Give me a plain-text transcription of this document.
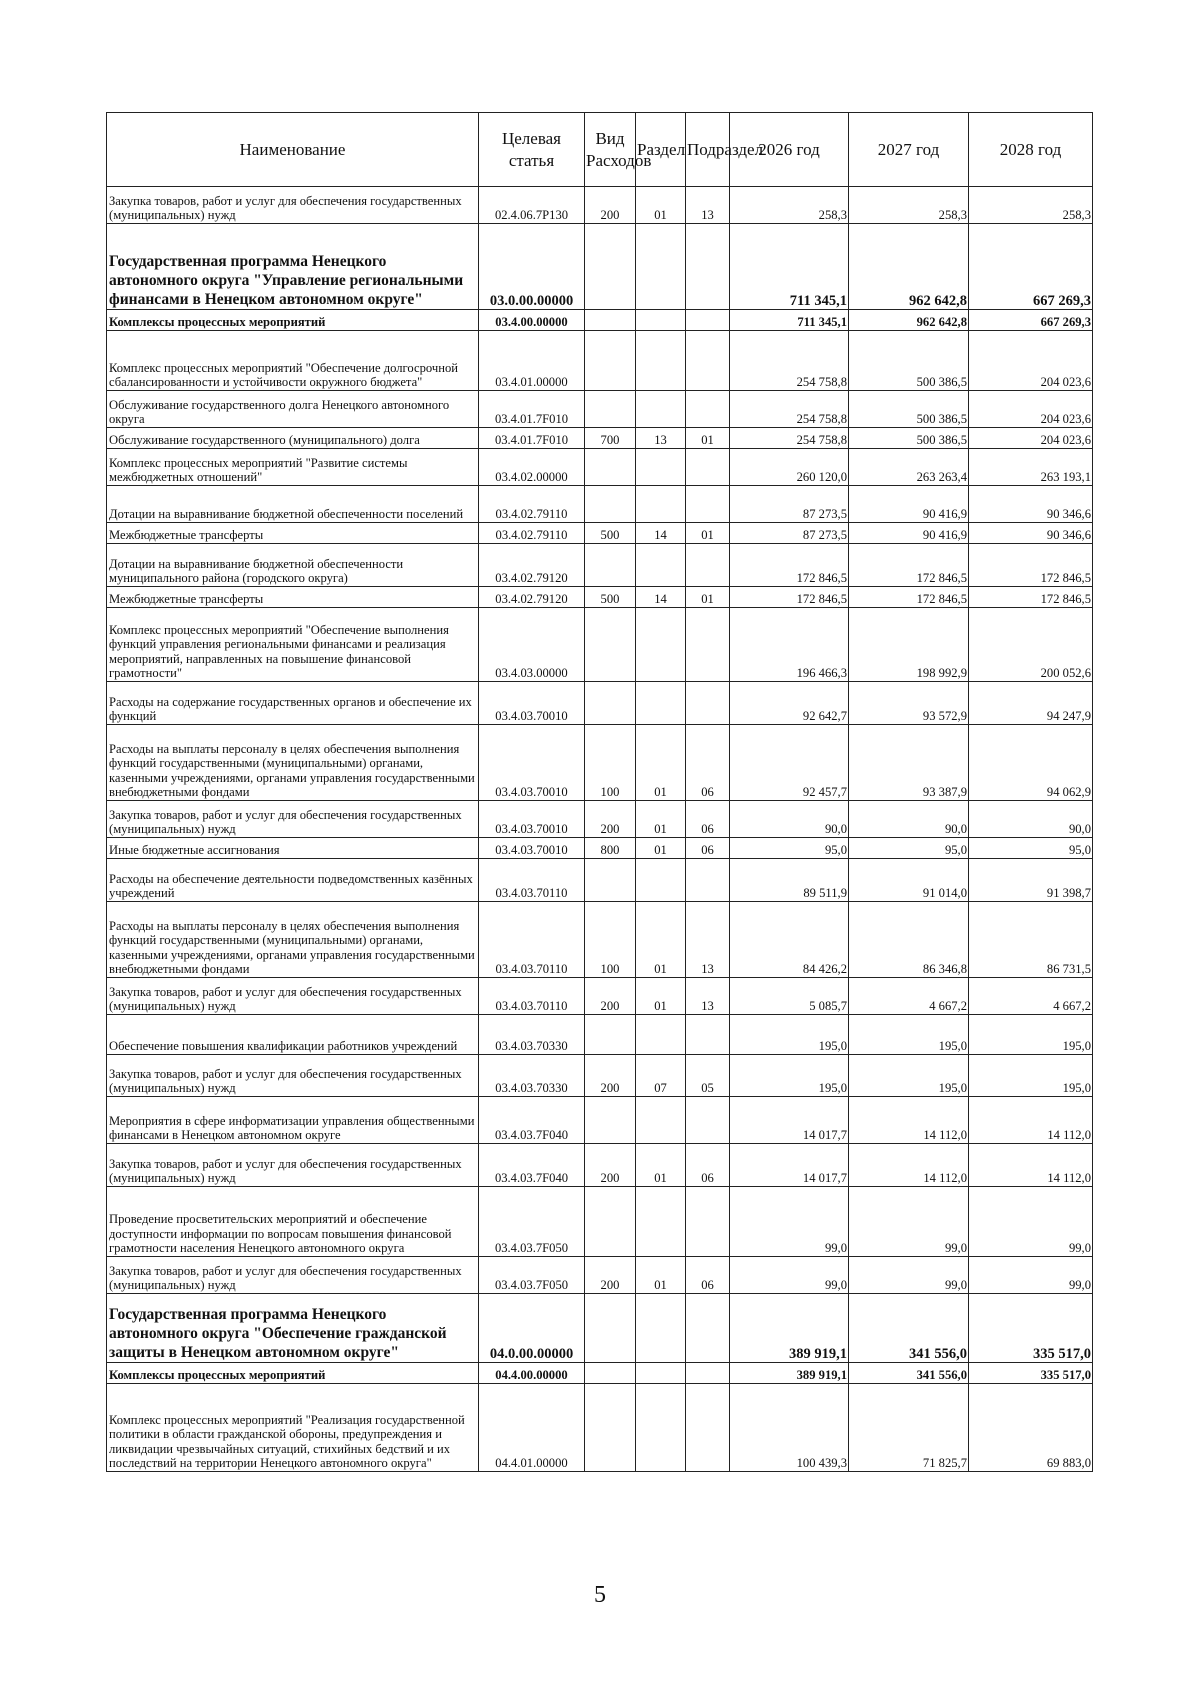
Наименование	Целевая статья	Вид Расходов	Раздел	Подраздел	2026 год	2027 год	2028 год
Закупка товаров, работ и услуг для обеспечения государственных (муниципальных) нужд	02.4.06.7P130	200	01	13	258,3	258,3	258,3
Государственная программа Ненецкого автономного округа "Управление региональными финансами в Ненецком автономном округе"	03.0.00.00000				711 345,1	962 642,8	667 269,3
Комплексы процессных мероприятий	03.4.00.00000				711 345,1	962 642,8	667 269,3
Комплекс процессных мероприятий "Обеспечение долгосрочной сбалансированности и устойчивости окружного бюджета"	03.4.01.00000				254 758,8	500 386,5	204 023,6
Обслуживание государственного долга Ненецкого автономного округа	03.4.01.7F010				254 758,8	500 386,5	204 023,6
Обслуживание государственного (муниципального) долга	03.4.01.7F010	700	13	01	254 758,8	500 386,5	204 023,6
Комплекс процессных мероприятий "Развитие системы межбюджетных отношений"	03.4.02.00000				260 120,0	263 263,4	263 193,1
Дотации на выравнивание бюджетной обеспеченности поселений	03.4.02.79110				87 273,5	90 416,9	90 346,6
Межбюджетные трансферты	03.4.02.79110	500	14	01	87 273,5	90 416,9	90 346,6
Дотации на выравнивание бюджетной обеспеченности муниципального района (городского округа)	03.4.02.79120				172 846,5	172 846,5	172 846,5
Межбюджетные трансферты	03.4.02.79120	500	14	01	172 846,5	172 846,5	172 846,5
Комплекс процессных мероприятий "Обеспечение выполнения функций управления региональными финансами и реализация мероприятий, направленных на повышение финансовой грамотности"	03.4.03.00000				196 466,3	198 992,9	200 052,6
Расходы на содержание государственных органов и обеспечение их функций	03.4.03.70010				92 642,7	93 572,9	94 247,9
Расходы на выплаты персоналу в целях обеспечения выполнения функций государственными (муниципальными) органами, казенными учреждениями, органами управления государственными внебюджетными фондами	03.4.03.70010	100	01	06	92 457,7	93 387,9	94 062,9
Закупка товаров, работ и услуг для обеспечения государственных (муниципальных) нужд	03.4.03.70010	200	01	06	90,0	90,0	90,0
Иные бюджетные ассигнования	03.4.03.70010	800	01	06	95,0	95,0	95,0
Расходы на обеспечение деятельности подведомственных казённых учреждений	03.4.03.70110				89 511,9	91 014,0	91 398,7
Расходы на выплаты персоналу в целях обеспечения выполнения функций государственными (муниципальными) органами, казенными учреждениями, органами управления государственными внебюджетными фондами	03.4.03.70110	100	01	13	84 426,2	86 346,8	86 731,5
Закупка товаров, работ и услуг для обеспечения государственных (муниципальных) нужд	03.4.03.70110	200	01	13	5 085,7	4 667,2	4 667,2
Обеспечение повышения квалификации работников учреждений	03.4.03.70330				195,0	195,0	195,0
Закупка товаров, работ и услуг для обеспечения государственных (муниципальных) нужд	03.4.03.70330	200	07	05	195,0	195,0	195,0
Мероприятия в сфере информатизации управления общественными финансами в Ненецком автономном округе	03.4.03.7F040				14 017,7	14 112,0	14 112,0
Закупка товаров, работ и услуг для обеспечения государственных (муниципальных) нужд	03.4.03.7F040	200	01	06	14 017,7	14 112,0	14 112,0
Проведение просветительских мероприятий и обеспечение доступности информации по вопросам повышения финансовой грамотности населения Ненецкого автономного округа	03.4.03.7F050				99,0	99,0	99,0
Закупка товаров, работ и услуг для обеспечения государственных (муниципальных) нужд	03.4.03.7F050	200	01	06	99,0	99,0	99,0
Государственная программа Ненецкого автономного округа "Обеспечение гражданской защиты в Ненецком автономном округе"	04.0.00.00000				389 919,1	341 556,0	335 517,0
Комплексы процессных мероприятий	04.4.00.00000				389 919,1	341 556,0	335 517,0
Комплекс процессных мероприятий "Реализация государственной политики в области гражданской обороны, предупреждения и ликвидации чрезвычайных ситуаций, стихийных бедствий и их последствий на территории Ненецкого автономного округа"	04.4.01.00000				100 439,3	71 825,7	69 883,0
5
